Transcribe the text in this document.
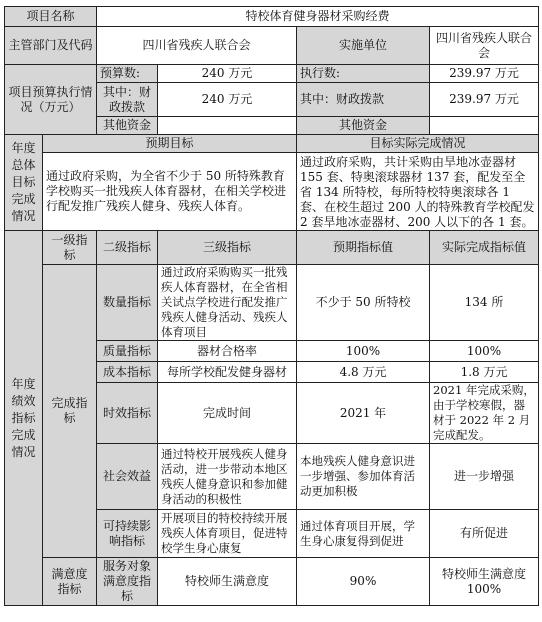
项目名称		特校体育健身器材采购经费			
主管部门及代码		四川省残疾人联合会		实施单位	四川省残疾人联合会
项目预算执行情况（万元）		预算数:	240 万元	执行数:	239.97 万元
		其中：财政拨款	240 万元	其中：财政拨款	239.97 万元
		其他资金		其他资金	
年度总体目标完成情况	预期目标			目标实际完成情况	
	通过政府采购，为全省不少于 50 所特殊教育学校购买一批残疾人体育器材，在相关学校进行配发推广残疾人健身、残疾人体育。			通过政府采购，共计采购由旱地冰壶器材 155 套、特奥滚球器材 137 套，配发至全省 134 所特校，每所特校特奥滚球各 1 套、在校生超过 200 人的特殊教育学校配发 2 套旱地冰壶器材、200 人以下的各 1 套。	
年度绩效指标完成情况	一级指标	二级指标	三级指标	预期指标值	实际完成指标值
	完成指标	数量指标	通过政府采购购买一批残疾人体育器材，在全省相关试点学校进行配发推广残疾人健身活动、残疾人体育项目	不少于 50 所特校	134 所
		质量指标	器材合格率	100%	100%
		成本指标	每所学校配发健身器材	4.8 万元	1.8 万元
		时效指标	完成时间	2021 年	2021 年完成采购，由于学校寒假，器材于 2022 年 2 月完成配发。
		社会效益	通过特校开展残疾人健身活动，进一步带动本地区残疾人健身意识和参加健身活动的积极性	本地残疾人健身意识进一步增强、参加体育活动更加积极	进一步增强
		可持续影响指标	开展项目的特校持续开展残疾人体育项目，促进特校学生身心康复	通过体育项目开展，学生身心康复得到促进	有所促进
	满意度指标	服务对象满意度指标	特校师生满意度	90%	特校师生满意度 100%
